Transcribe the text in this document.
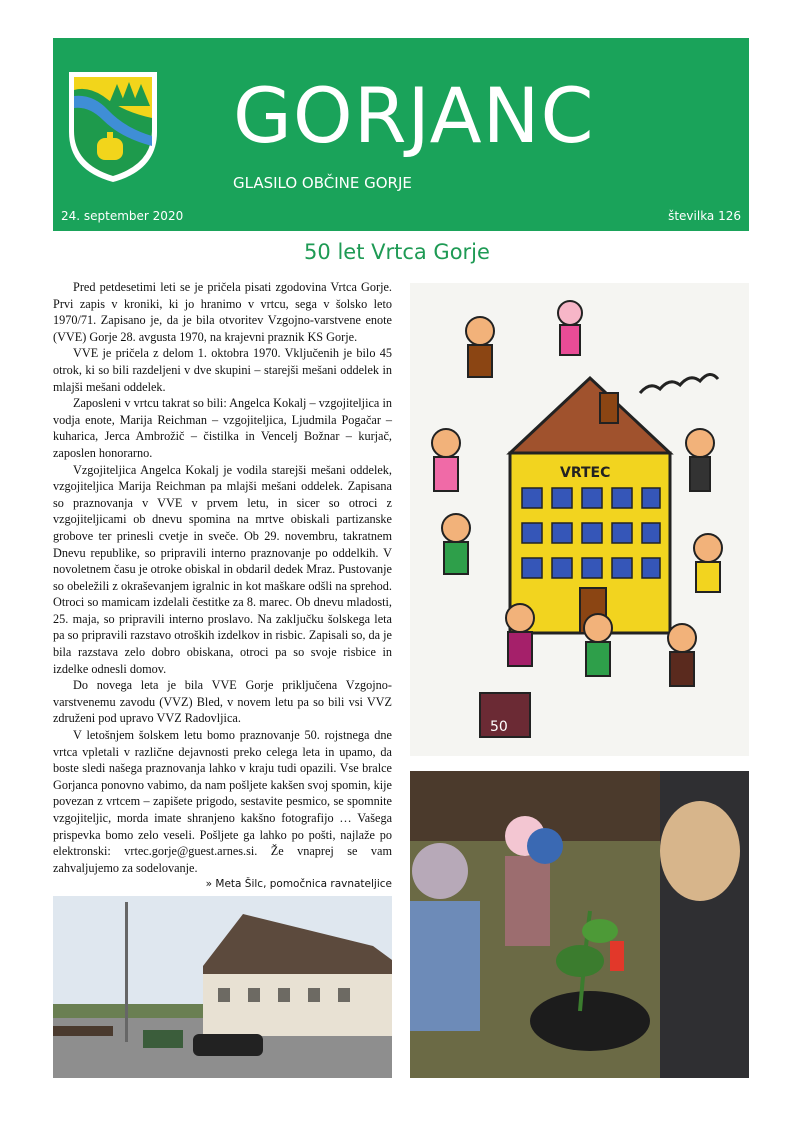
GORJANC
GLASILO OBČINE GORJE
24. september 2020	številka 126
50 let Vrtca Gorje

Pred petdesetimi leti se je pričela pisati zgodovina Vrtca Gorje. Prvi zapis v kroniki, ki jo hranimo v vrtcu, sega v šolsko leto 1970/71. Zapisano je, da je bila otvoritev Vzgojno-varstvene enote (VVE) Gorje 28. avgusta 1970, na krajevni praznik KS Gorje.

VVE je pričela z delom 1. oktobra 1970. Vključenih je bilo 45 otrok, ki so bili razdeljeni v dve skupini – starejši mešani oddelek in mlajši mešani oddelek.

Zaposleni v vrtcu takrat so bili: Angelca Kokalj – vzgojiteljica in vodja enote, Marija Reichman – vzgojiteljica, Ljudmila Pogačar – kuharica, Jerca Ambrožič – čistilka in Vencelj Božnar – kurjač, zaposlen honorarno.

Vzgojiteljica Angelca Kokalj je vodila starejši mešani oddelek, vzgojiteljica Marija Reichman pa mlajši mešani oddelek. Zapisana so praznovanja v VVE v prvem letu, in sicer so otroci z vzgojiteljicami ob dnevu spomina na mrtve obiskali partizanske grobove ter prinesli cvetje in sveče. Ob 29. novembru, takratnem Dnevu republike, so pripravili interno praznovanje po oddelkih. V novoletnem času je otroke obiskal in obdaril dedek Mraz. Pustovanje so obeležili z okraševanjem igralnic in kot maškare odšli na sprehod. Otroci so mamicam izdelali čestitke za 8. marec. Ob dnevu mladosti, 25. maja, so pripravili interno proslavo. Na zaključku šolskega leta pa so pripravili razstavo otroških izdelkov in risbic. Zapisali so, da je bila razstava zelo dobro obiskana, otroci pa so svoje risbice in izdelke odnesli domov.

Do novega leta je bila VVE Gorje priključena Vzgojno-varstvenemu zavodu (VVZ) Bled, v novem letu pa so bili vsi VVZ združeni pod upravo VVZ Radovljica.

V letošnjem šolskem letu bomo praznovanje 50. rojstnega dne vrtca vpletali v različne dejavnosti preko celega leta in upamo, da boste sledi našega praznovanja lahko v kraju tudi opazili. Vse bralce Gorjanca ponovno vabimo, da nam pošljete kakšen svoj spomin, kije povezan z vrtcem – zapišete prigodo, sestavite pesmico, se spomnite vzgojiteljic, morda imate shranjeno kakšno fotografijo … Vašega prispevka bomo zelo veseli. Pošljete ga lahko po pošti, najlaže po elektronski: vrtec.gorje@guest.arnes.si. Že vnaprej se vam zahvaljujemo za sodelovanje.

» Meta Šilc, pomočnica ravnateljice

VRTEC
50
